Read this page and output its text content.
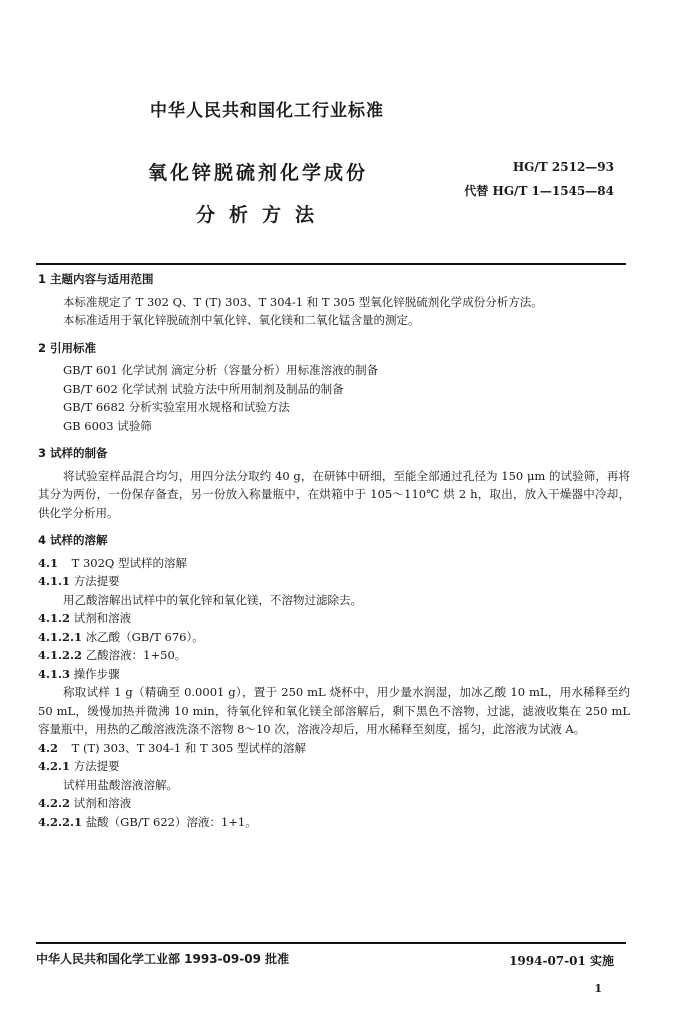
中华人民共和国化工行业标准
氧化锌脱硫剂化学成份
分析方法
HG/T 2512—93
代替 HG/T 1—1545—84
1 主题内容与适用范围
本标准规定了 T 302 Q、T (T) 303、T 304-1 和 T 305 型氧化锌脱硫剂化学成份分析方法。
本标准适用于氧化锌脱硫剂中氧化锌、氧化镁和二氧化锰含量的测定。
2 引用标准
GB/T 601 化学试剂 滴定分析（容量分析）用标准溶液的制备
GB/T 602 化学试剂 试验方法中所用制剂及制品的制备
GB/T 6682 分析实验室用水规格和试验方法
GB 6003 试验筛
3 试样的制备
将试验室样品混合均匀，用四分法分取约 40 g，在研钵中研细，至能全部通过孔径为 150 μm 的试验筛，再将其分为两份，一份保存备查，另一份放入称量瓶中，在烘箱中于 105～110℃ 烘 2 h，取出，放入干燥器中冷却，供化学分析用。
4 试样的溶解
4.1 T 302Q 型试样的溶解
4.1.1 方法提要
用乙酸溶解出试样中的氧化锌和氧化镁，不溶物过滤除去。
4.1.2 试剂和溶液
4.1.2.1 冰乙酸（GB/T 676）。
4.1.2.2 乙酸溶液：1+50。
4.1.3 操作步骤
称取试样 1 g（精确至 0.0001 g），置于 250 mL 烧杯中，用少量水润湿，加冰乙酸 10 mL，用水稀释至约 50 mL，缓慢加热并微沸 10 min，待氧化锌和氧化镁全部溶解后，剩下黑色不溶物，过滤，滤液收集在 250 mL 容量瓶中，用热的乙酸溶液洗涤不溶物 8～10 次，溶液冷却后，用水稀释至刻度，摇匀，此溶液为试液 A。
4.2 T (T) 303、T 304-1 和 T 305 型试样的溶解
4.2.1 方法提要
试样用盐酸溶液溶解。
4.2.2 试剂和溶液
4.2.2.1 盐酸（GB/T 622）溶液：1+1。
中华人民共和国化学工业部 1993-09-09 批准	1994-07-01 实施
1
